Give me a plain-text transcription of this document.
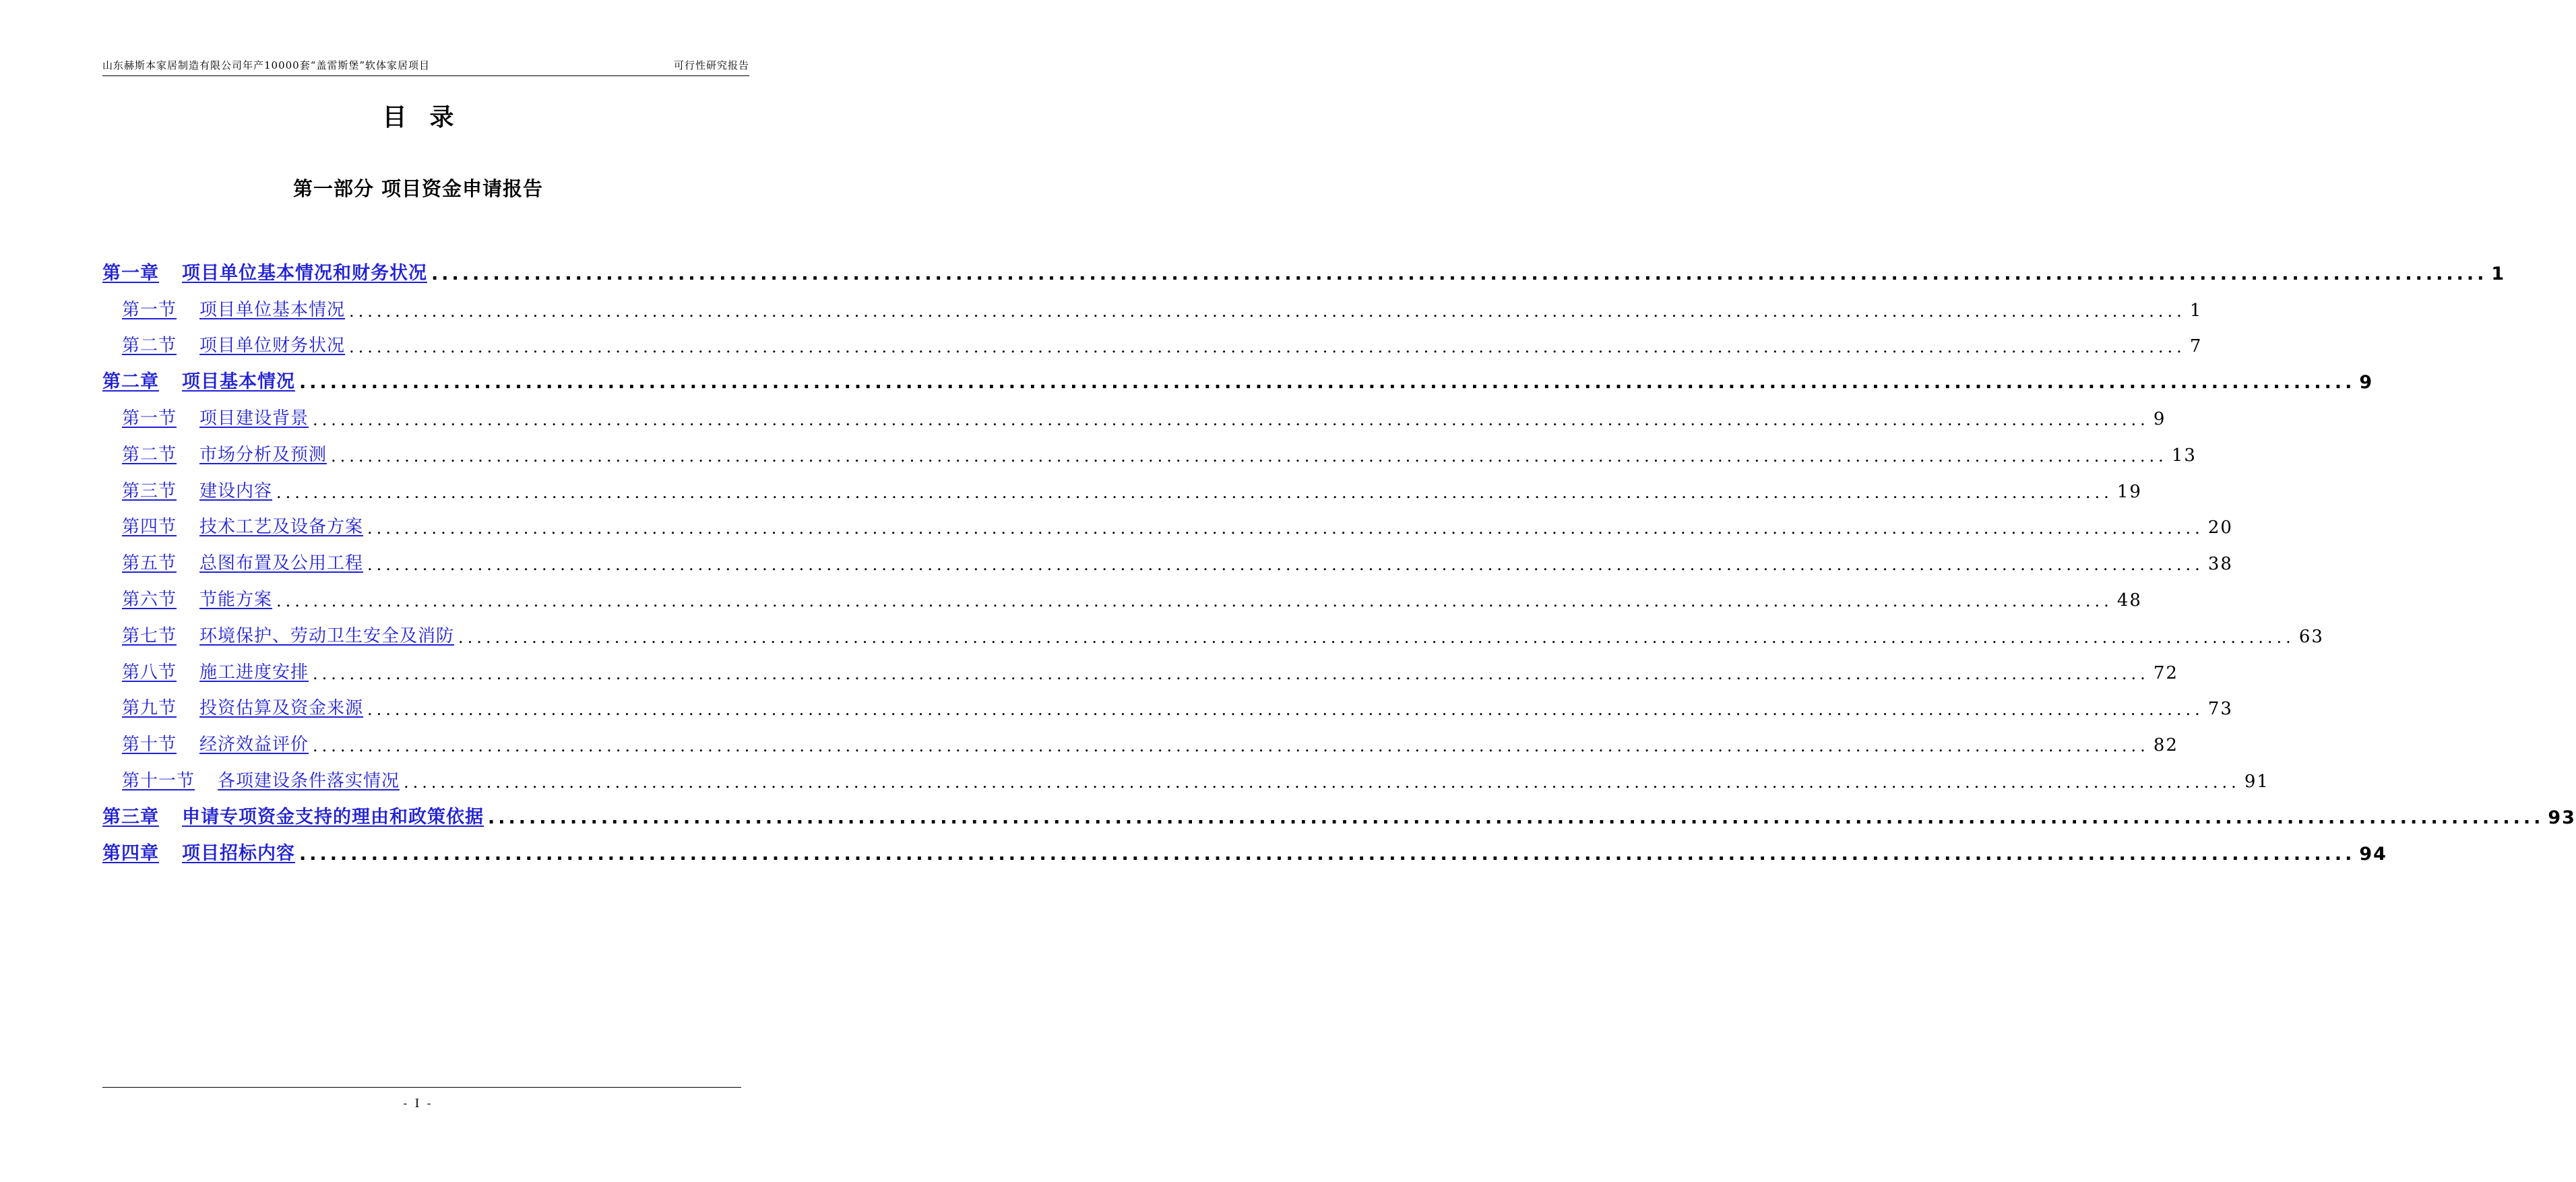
山东赫斯本家居制造有限公司年产10000套“盖雷斯堡”软体家居项目	可行性研究报告
目录
第一部分 项目资金申请报告
第一章 项目单位基本情况和财务状况 ........................................................................................................................................................................................................ 1
第一节 项目单位基本情况 ........................................................................................................................................................................................................ 1
第二节 项目单位财务状况 ........................................................................................................................................................................................................ 7
第二章 项目基本情况 ........................................................................................................................................................................................................ 9
第一节 项目建设背景 ........................................................................................................................................................................................................ 9
第二节 市场分析及预测 ........................................................................................................................................................................................................ 13
第三节 建设内容 ........................................................................................................................................................................................................ 19
第四节 技术工艺及设备方案 ........................................................................................................................................................................................................ 20
第五节 总图布置及公用工程 ........................................................................................................................................................................................................ 38
第六节 节能方案 ........................................................................................................................................................................................................ 48
第七节 环境保护、劳动卫生安全及消防 ........................................................................................................................................................................................................ 63
第八节 施工进度安排 ........................................................................................................................................................................................................ 72
第九节 投资估算及资金来源 ........................................................................................................................................................................................................ 73
第十节 经济效益评价 ........................................................................................................................................................................................................ 82
第十一节 各项建设条件落实情况 ........................................................................................................................................................................................................ 91
第三章 申请专项资金支持的理由和政策依据 ........................................................................................................................................................................................................ 93
第四章 项目招标内容 ........................................................................................................................................................................................................ 94
- I -
